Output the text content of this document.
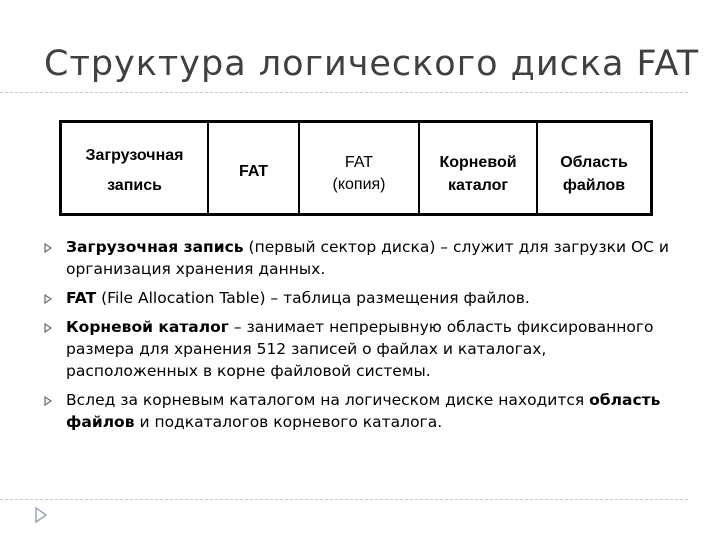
Структура логического диска FAT
Загрузочная
запись
FAT
FAT
(копия)
Корневой
каталог
Область
файлов
Загрузочная запись (первый сектор диска) – служит для загрузки ОС и организация хранения данных.
FAT (File Allocation Table) – таблица размещения файлов.
Корневой каталог – занимает непрерывную область фиксированного размера для хранения 512 записей о файлах и каталогах, расположенных в корне файловой системы.
Вслед за корневым каталогом на логическом диске находится область файлов и подкаталогов корневого каталога.
